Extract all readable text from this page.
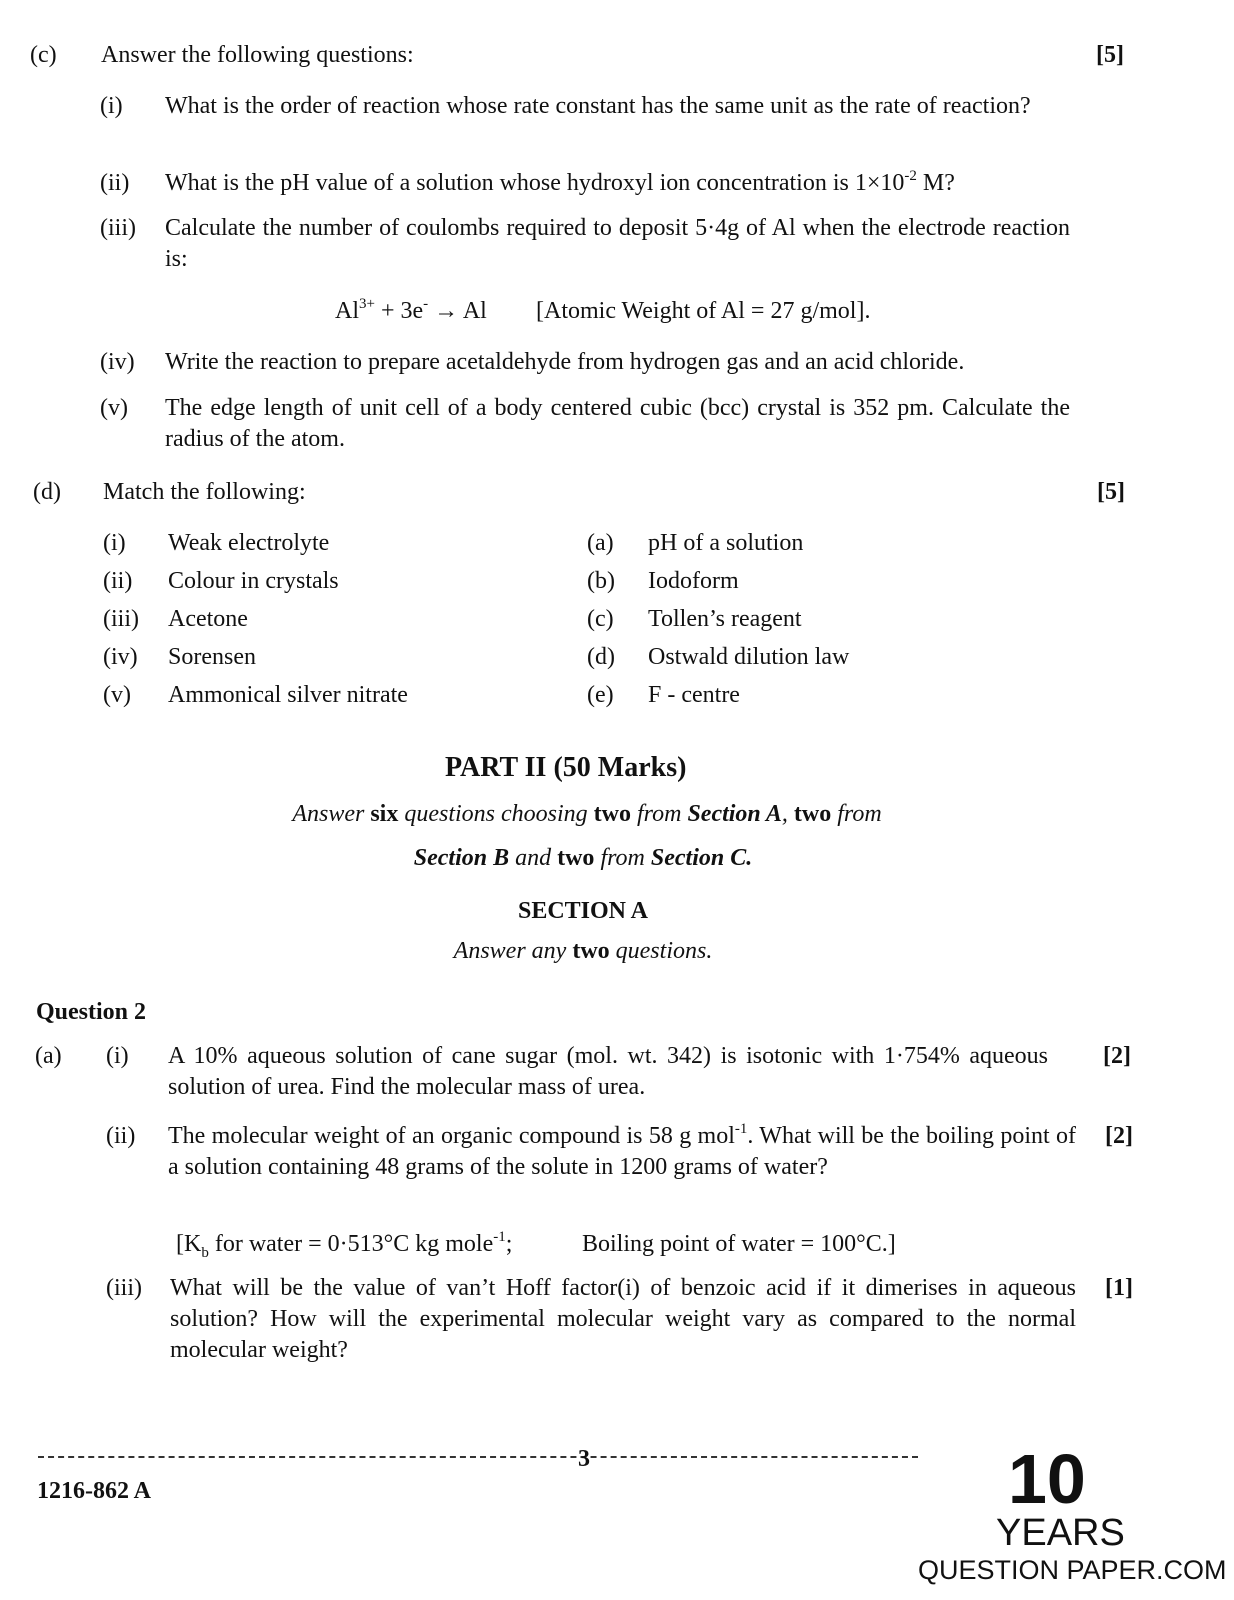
(c) Answer the following questions:	[5]
(i) What is the order of reaction whose rate constant has the same unit as the rate of reaction?
(ii) What is the pH value of a solution whose hydroxyl ion concentration is $1\times 10^{-2}$ M?
(iii) Calculate the number of coulombs required to deposit 5·4g of Al when the electrode reaction is:
$Al^{3+} + 3e^- \to Al$ [Atomic Weight of Al = 27 g/mol].
(iv) Write the reaction to prepare acetaldehyde from hydrogen gas and an acid chloride.
(v) The edge length of unit cell of a body centered cubic (bcc) crystal is 352 pm. Calculate the radius of the atom.
(d) Match the following:	[5]
(i) Weak electrolyte	(a) pH of a solution
(ii) Colour in crystals	(b) Iodoform
(iii) Acetone	(c) Tollen’s reagent
(iv) Sorensen	(d) Ostwald dilution law
(v) Ammonical silver nitrate	(e) F - centre
PART II (50 Marks)
Answer six questions choosing two from Section A, two from
Section B and two from Section C.
SECTION A
Answer any two questions.
Question 2
(a) (i) A 10% aqueous solution of cane sugar (mol. wt. 342) is isotonic with 1·754% aqueous solution of urea. Find the molecular mass of urea.
[2]
(ii) The molecular weight of an organic compound is 58 g mol$^{-1}$. What will be the boiling point of a solution containing 48 grams of the solute in 1200 grams of water?
[2]
[$K_b$ for water = 0·513°C kg mole$^{-1}$;	Boiling point of water = 100°C.]
(iii) What will be the value of van’t Hoff factor(i) of benzoic acid if it dimerises in aqueous solution? How will the experimental molecular weight vary as compared to the normal molecular weight?
[1]
3
1216-862 A	10
YEARS
QUESTION PAPER.COM
